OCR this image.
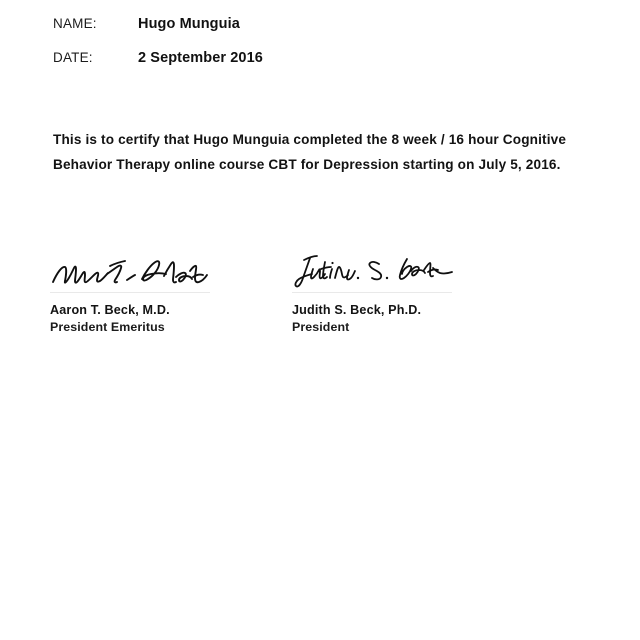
NAME:	Hugo Munguia
DATE:	2 September 2016
This is to certify that Hugo Munguia completed the 8 week / 16 hour Cognitive
Behavior Therapy online course CBT for Depression starting on July 5, 2016.
Aaron T. Beck, M.D.
President Emeritus
Judith S. Beck, Ph.D.
President
